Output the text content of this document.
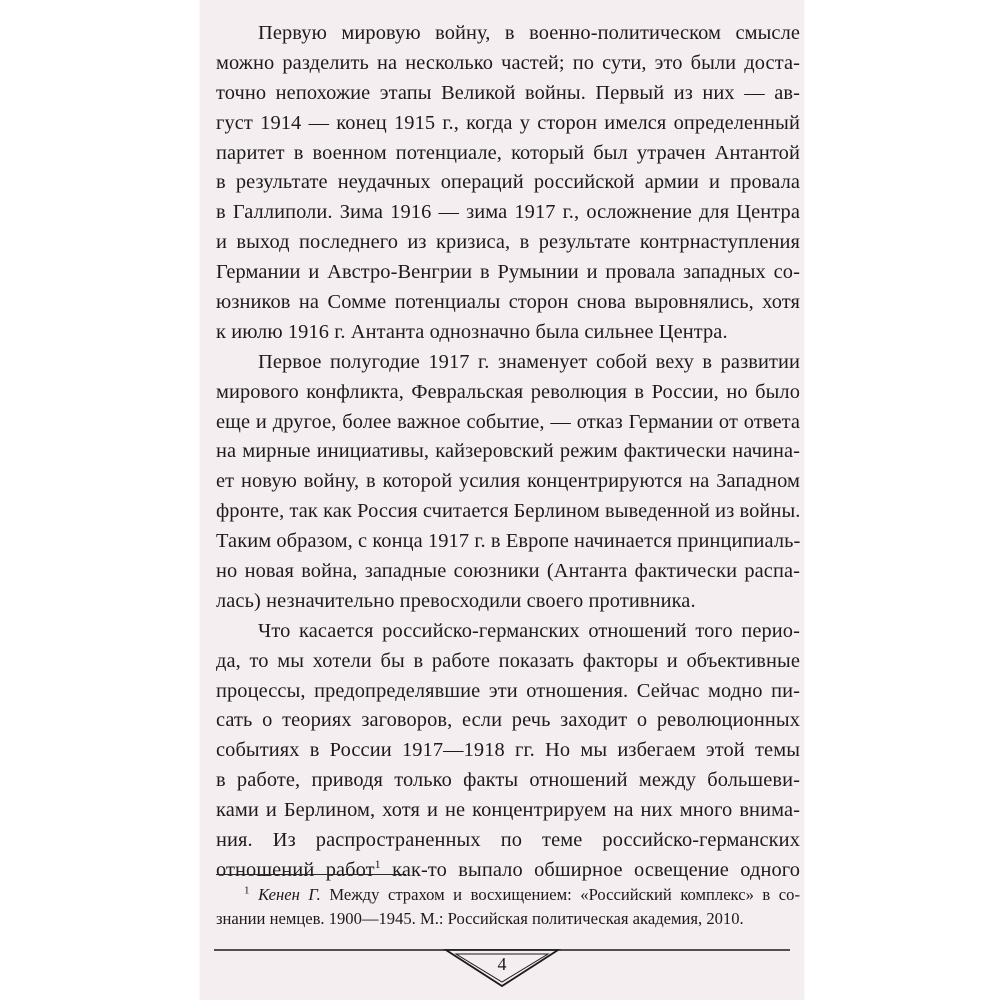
Первую мировую войну, в военно-политическом смысле
можно разделить на несколько частей; по сути, это были доста-
точно непохожие этапы Великой войны. Первый из них — ав-
густ 1914 — конец 1915 г., когда у сторон имелся определенный
паритет в военном потенциале, который был утрачен Антантой
в результате неудачных операций российской армии и провала
в Галлиполи. Зима 1916 — зима 1917 г., осложнение для Центра
и выход последнего из кризиса, в результате контрнаступления
Германии и Австро-Венгрии в Румынии и провала западных со-
юзников на Сомме потенциалы сторон снова выровнялись, хотя
к июлю 1916 г. Антанта однозначно была сильнее Центра.
Первое полугодие 1917 г. знаменует собой веху в развитии
мирового конфликта, Февральская революция в России, но было
еще и другое, более важное событие, — отказ Германии от ответа
на мирные инициативы, кайзеровский режим фактически начина-
ет новую войну, в которой усилия концентрируются на Западном
фронте, так как Россия считается Берлином выведенной из войны.
Таким образом, с конца 1917 г. в Европе начинается принципиаль-
но новая война, западные союзники (Антанта фактически распа-
лась) незначительно превосходили своего противника.
Что касается российско-германских отношений того перио-
да, то мы хотели бы в работе показать факторы и объективные
процессы, предопределявшие эти отношения. Сейчас модно пи-
сать о теориях заговоров, если речь заходит о революционных
событиях в России 1917—1918 гг. Но мы избегаем этой темы
в работе, приводя только факты отношений между большеви-
ками и Берлином, хотя и не концентрируем на них много внима-
ния. Из распространенных по теме российско-германских
отношений работ$^1$ как-то выпало обширное освещение одного
$^1$ Кенен Г. Между страхом и восхищением: «Российский комплекс» в со-
знании немцев. 1900—1945. М.: Российская политическая академия, 2010.
4
